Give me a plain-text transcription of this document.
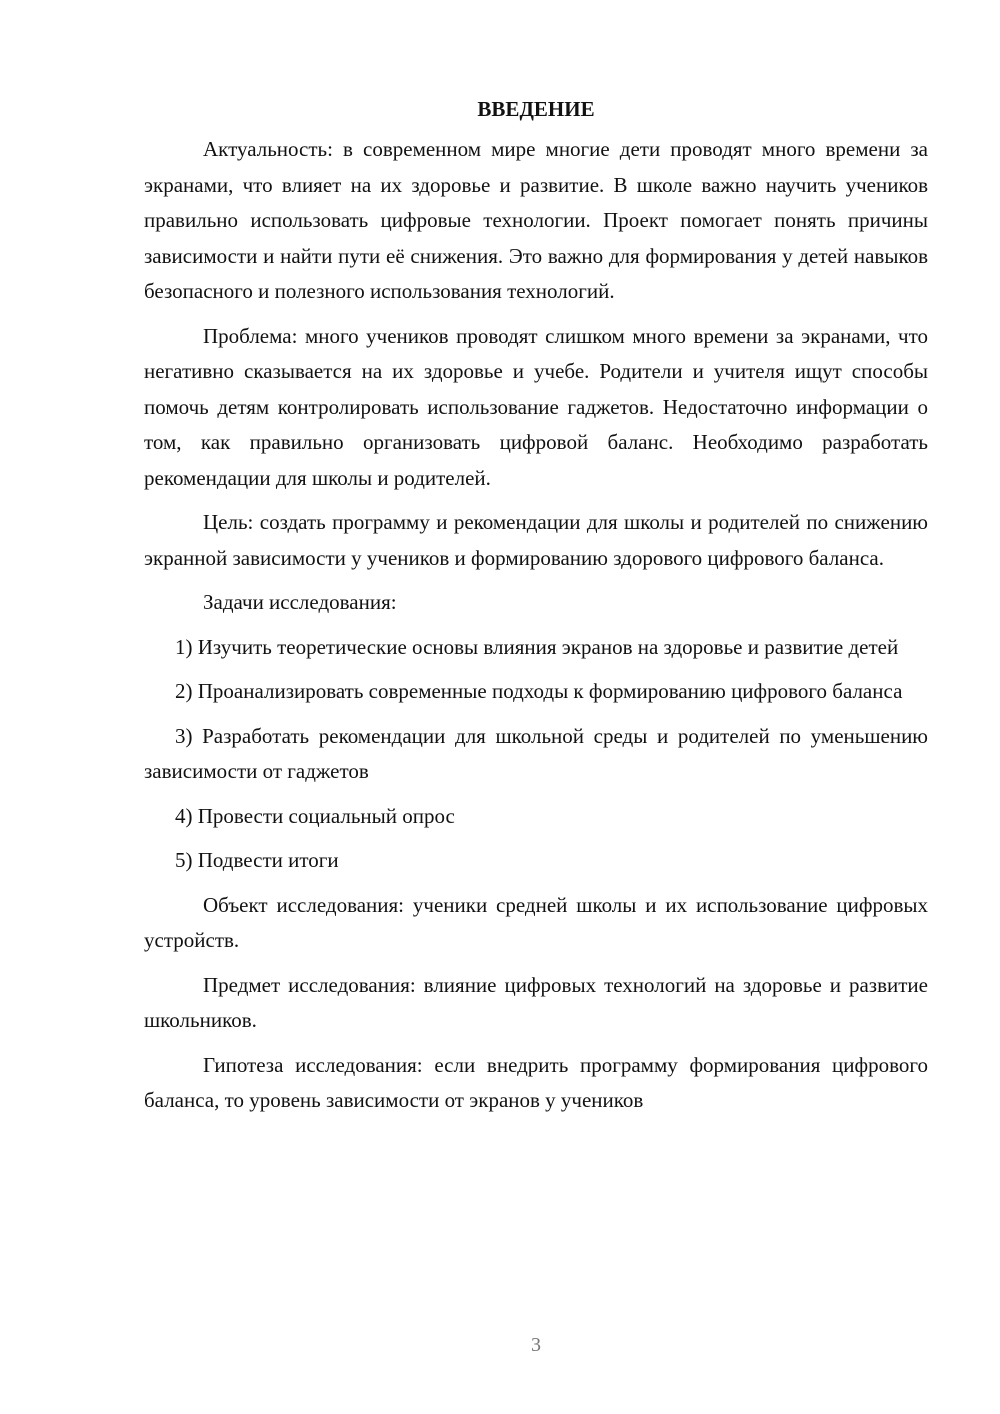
ВВЕДЕНИЕ

Актуальность: в современном мире многие дети проводят много времени за экранами, что влияет на их здоровье и развитие. В школе важно научить учеников правильно использовать цифровые технологии. Проект помогает понять причины зависимости и найти пути её снижения. Это важно для формирования у детей навыков безопасного и полезного использования технологий.

Проблема: много учеников проводят слишком много времени за экранами, что негативно сказывается на их здоровье и учебе. Родители и учителя ищут способы помочь детям контролировать использование гаджетов. Недостаточно информации о том, как правильно организовать цифровой баланс. Необходимо разработать рекомендации для школы и родителей.

Цель: создать программу и рекомендации для школы и родителей по снижению экранной зависимости у учеников и формированию здорового цифрового баланса.

Задачи исследования:

1) Изучить теоретические основы влияния экранов на здоровье и развитие детей

2) Проанализировать современные подходы к формированию цифрового баланса

3) Разработать рекомендации для школьной среды и родителей по уменьшению зависимости от гаджетов

4) Провести социальный опрос

5) Подвести итоги

Объект исследования: ученики средней школы и их использование цифровых устройств.

Предмет исследования: влияние цифровых технологий на здоровье и развитие школьников.

Гипотеза исследования: если внедрить программу формирования цифрового баланса, то уровень зависимости от экранов у учеников

3
